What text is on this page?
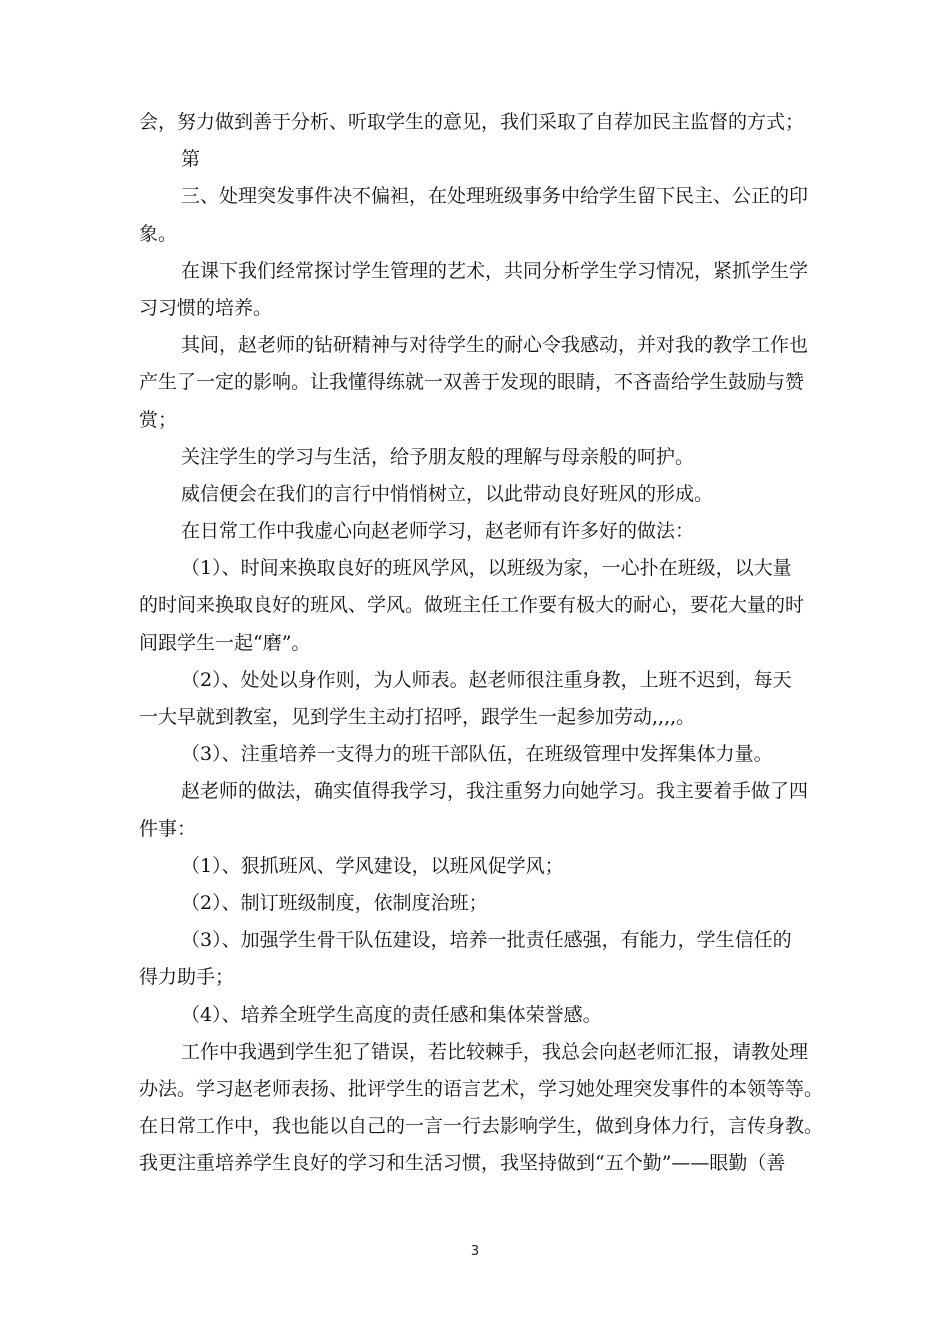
会，努力做到善于分析、听取学生的意见，我们采取了自荐加民主监督的方式；
第
三、处理突发事件决不偏袒，在处理班级事务中给学生留下民主、公正的印
象。
在课下我们经常探讨学生管理的艺术，共同分析学生学习情况，紧抓学生学
习习惯的培养。
其间，赵老师的钻研精神与对待学生的耐心令我感动，并对我的教学工作也
产生了一定的影响。让我懂得练就一双善于发现的眼睛，不吝啬给学生鼓励与赞
赏；
关注学生的学习与生活，给予朋友般的理解与母亲般的呵护。
威信便会在我们的言行中悄悄树立，以此带动良好班风的形成。
在日常工作中我虚心向赵老师学习，赵老师有许多好的做法：
（1）、时间来换取良好的班风学风，以班级为家，一心扑在班级，以大量
的时间来换取良好的班风、学风。做班主任工作要有极大的耐心，要花大量的时
间跟学生一起“磨”。
（2）、处处以身作则，为人师表。赵老师很注重身教，上班不迟到，每天
一大早就到教室，见到学生主动打招呼，跟学生一起参加劳动,,,,。
（3）、注重培养一支得力的班干部队伍，在班级管理中发挥集体力量。
赵老师的做法，确实值得我学习，我注重努力向她学习。我主要着手做了四
件事：
（1）、狠抓班风、学风建设，以班风促学风；
（2）、制订班级制度，依制度治班；
（3）、加强学生骨干队伍建设，培养一批责任感强，有能力，学生信任的
得力助手；
（4）、培养全班学生高度的责任感和集体荣誉感。
工作中我遇到学生犯了错误，若比较棘手，我总会向赵老师汇报，请教处理
办法。学习赵老师表扬、批评学生的语言艺术，学习她处理突发事件的本领等等。
在日常工作中，我也能以自己的一言一行去影响学生，做到身体力行，言传身教。
我更注重培养学生良好的学习和生活习惯，我坚持做到“五个勤”——眼勤（善
3
